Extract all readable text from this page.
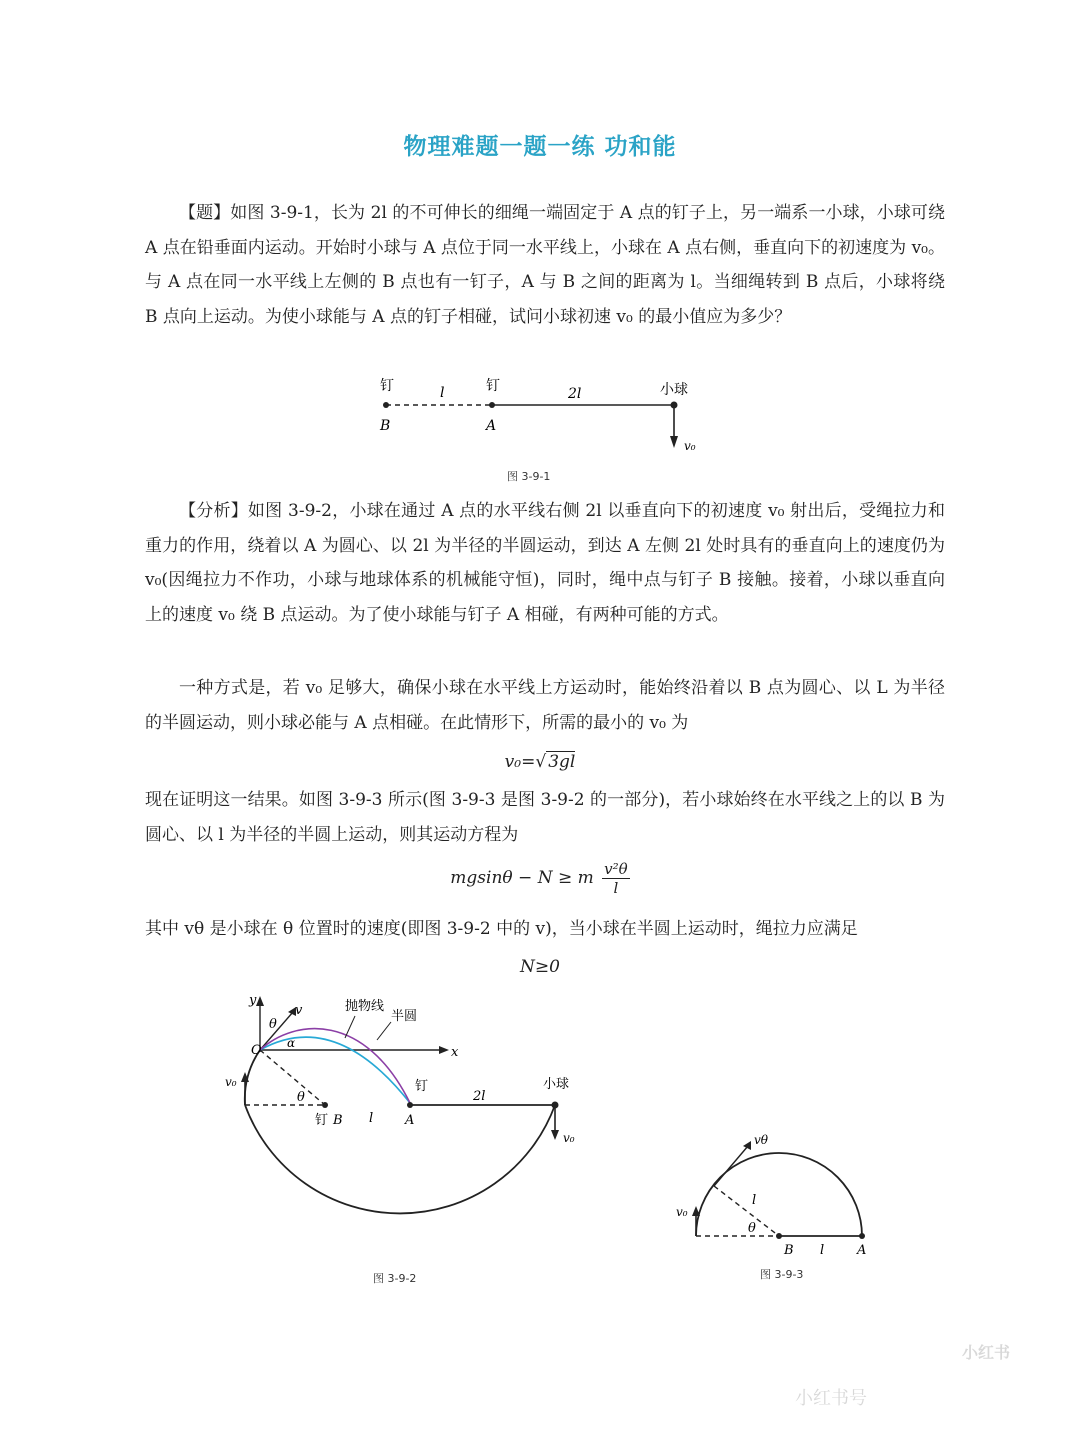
物理难题一题一练 功和能
【题】如图 3-9-1，长为 2l 的不可伸长的细绳一端固定于 A 点的钉子上，另一端系一小球，小球可绕 A 点在铅垂面内运动。开始时小球与 A 点位于同一水平线上，小球在 A 点右侧，垂直向下的初速度为 v₀。与 A 点在同一水平线上左侧的 B 点也有一钉子，A 与 B 之间的距离为 l。当细绳转到 B 点后，小球将绕 B 点向上运动。为使小球能与 A 点的钉子相碰，试问小球初速 v₀ 的最小值应为多少？
钉	l	钉	2l	小球
B	A
v₀
图 3-9-1
【分析】如图 3-9-2，小球在通过 A 点的水平线右侧 2l 以垂直向下的初速度 v₀ 射出后，受绳拉力和重力的作用，绕着以 A 为圆心、以 2l 为半径的半圆运动，到达 A 左侧 2l 处时具有的垂直向上的速度仍为 v₀(因绳拉力不作功，小球与地球体系的机械能守恒)，同时，绳中点与钉子 B 接触。接着，小球以垂直向上的速度 v₀ 绕 B 点运动。为了使小球能与钉子 A 相碰，有两种可能的方式。
一种方式是，若 v₀ 足够大，确保小球在水平线上方运动时，能始终沿着以 B 点为圆心、以 L 为半径的半圆运动，则小球必能与 A 点相碰。在此情形下，所需的最小的 v₀ 为
v₀=√ 3gl
现在证明这一结果。如图 3-9-3 所示(图 3-9-3 是图 3-9-2 的一部分)，若小球始终在水平线之上的以 B 为圆心、以 l 为半径的半圆上运动，则其运动方程为
mgsinθ − N ≥ m $\frac{\text{v²θ}}{l}$
其中 vθ 是小球在 θ 位置时的速度(即图 3-9-2 中的 v)，当小球在半圆上运动时，绳拉力应满足
N≥0
y
x
O
θ
α
v	抛物线
半圆
v₀
θ
钉	小球
2l
钉 B l A
v₀
图 3-9-2
vθ
l
v₀
θ
B l	A
图 3-9-3
小红书
小红书号
